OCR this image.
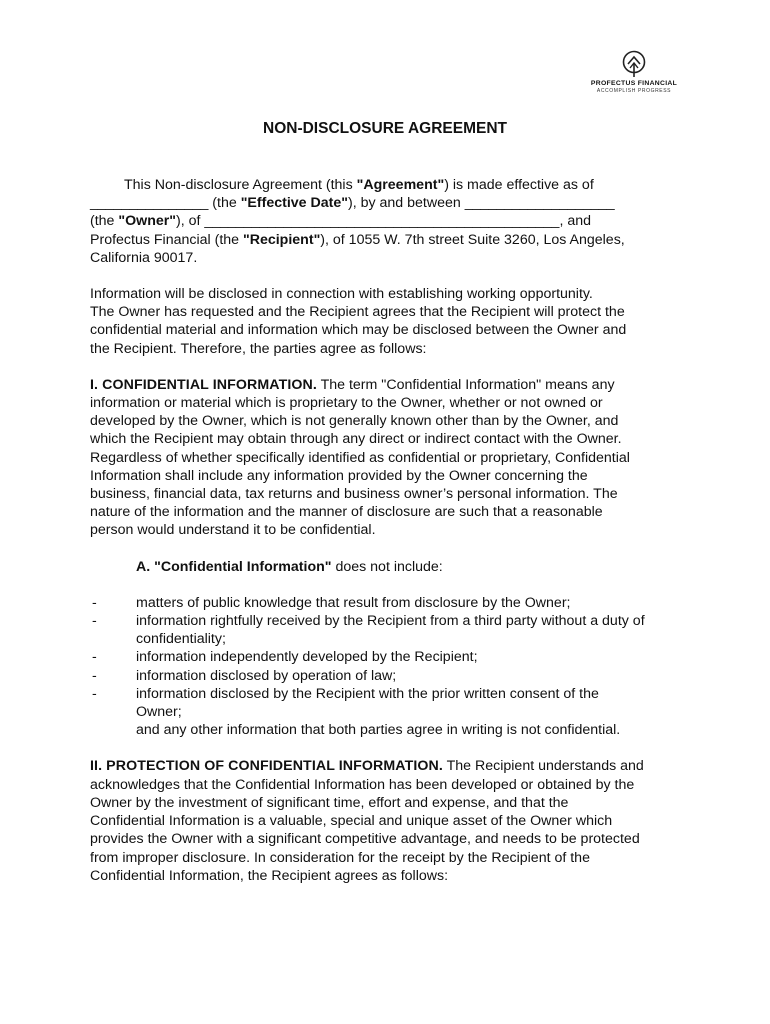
PROFECTUS FINANCIAL
ACCOMPLISH PROGRESS
NON-DISCLOSURE AGREEMENT

This Non-disclosure Agreement (this "Agreement") is made effective as of

_______________ (the "Effective Date"), by and between ___________________

(the "Owner"), of _____________________________________________, and

Profectus Financial (the "Recipient"), of 1055 W. 7th street Suite 3260, Los Angeles,

California 90017.

Information will be disclosed in connection with establishing working opportunity.

The Owner has requested and the Recipient agrees that the Recipient will protect the

confidential material and information which may be disclosed between the Owner and

the Recipient. Therefore, the parties agree as follows:

I. CONFIDENTIAL INFORMATION. The term "Confidential Information" means any

information or material which is proprietary to the Owner, whether or not owned or

developed by the Owner, which is not generally known other than by the Owner, and

which the Recipient may obtain through any direct or indirect contact with the Owner.

Regardless of whether specifically identified as confidential or proprietary, Confidential

Information shall include any information provided by the Owner concerning the

business, financial data, tax returns and business owner’s personal information. The

nature of the information and the manner of disclosure are such that a reasonable

person would understand it to be confidential.

A. "Confidential Information" does not include:

-	matters of public knowledge that result from disclosure by the Owner;
-	information rightfully received by the Recipient from a third party without a duty of
confidentiality;
-	information independently developed by the Recipient;
-	information disclosed by operation of law;
-	information disclosed by the Recipient with the prior written consent of the
Owner;
and any other information that both parties agree in writing is not confidential.

II. PROTECTION OF CONFIDENTIAL INFORMATION. The Recipient understands and

acknowledges that the Confidential Information has been developed or obtained by the

Owner by the investment of significant time, effort and expense, and that the

Confidential Information is a valuable, special and unique asset of the Owner which

provides the Owner with a significant competitive advantage, and needs to be protected

from improper disclosure. In consideration for the receipt by the Recipient of the

Confidential Information, the Recipient agrees as follows:
